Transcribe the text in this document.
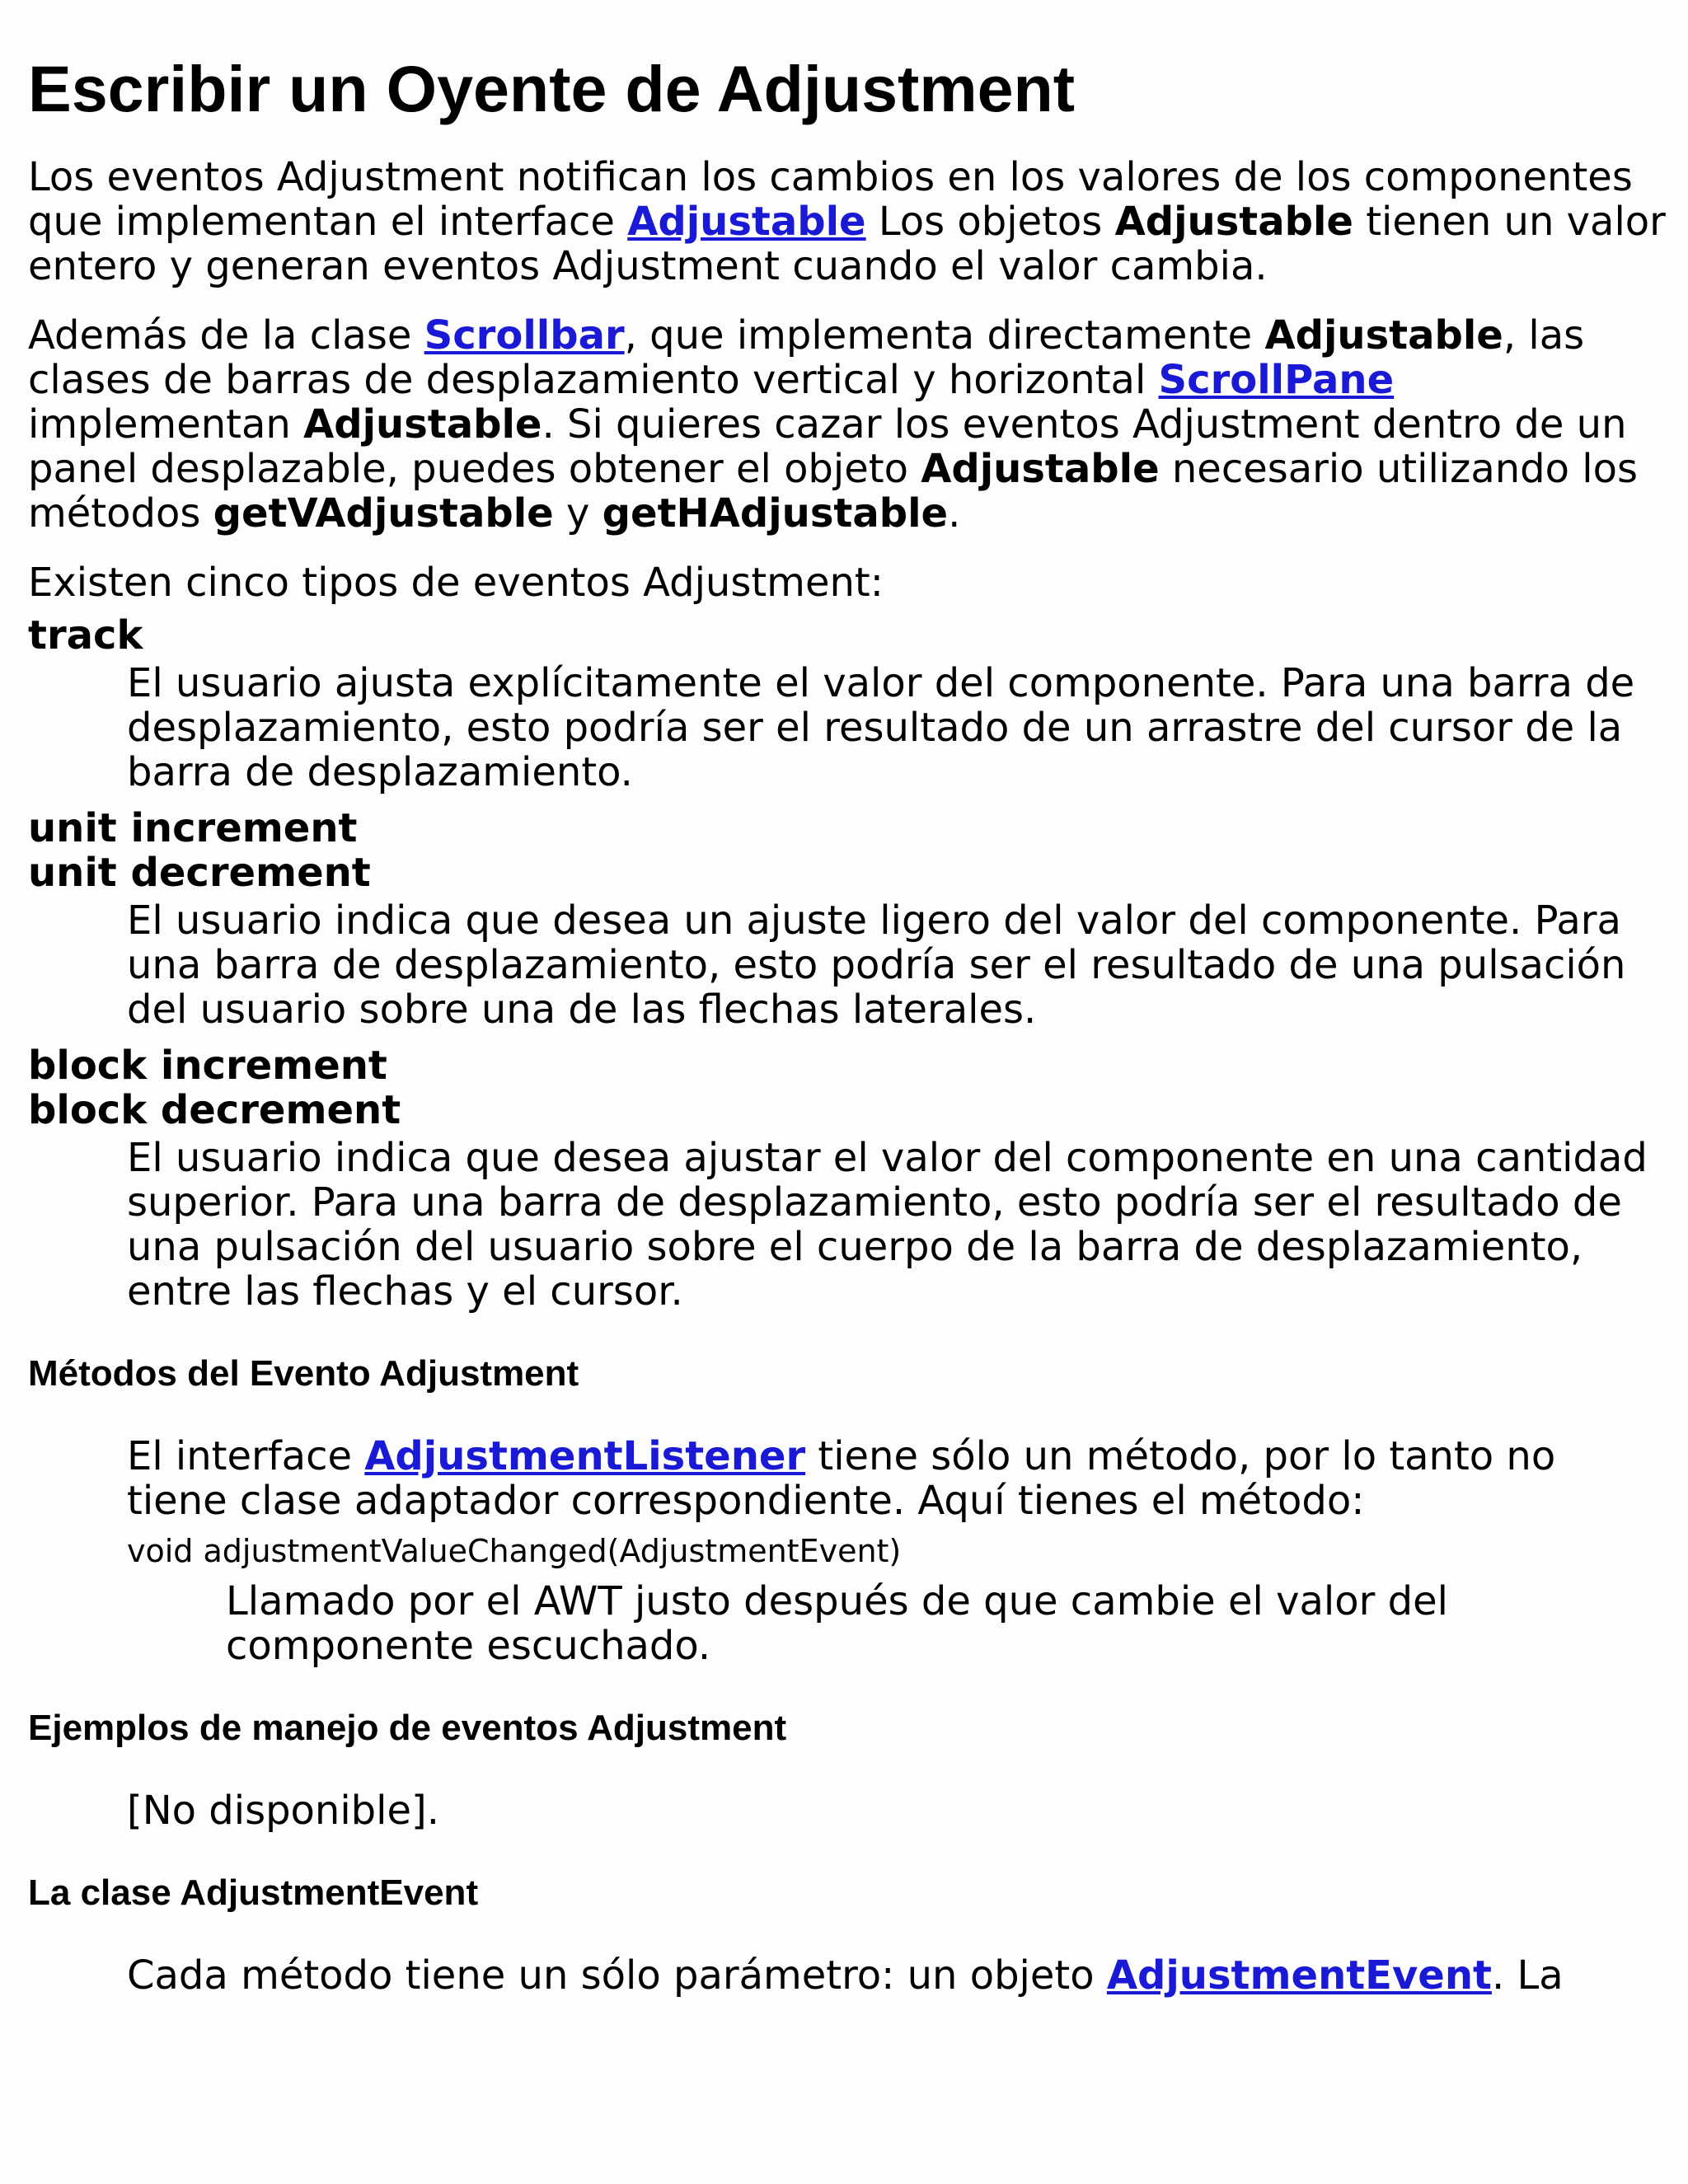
Escribir un Oyente de Adjustment

Los eventos Adjustment notifican los cambios en los valores de los componentes que implementan el interface Adjustable Los objetos Adjustable tienen un valor entero y generan eventos Adjustment cuando el valor cambia.

Además de la clase Scrollbar, que implementa directamente Adjustable, las clases de barras de desplazamiento vertical y horizontal ScrollPane implementan Adjustable. Si quieres cazar los eventos Adjustment dentro de un panel desplazable, puedes obtener el objeto Adjustable necesario utilizando los métodos getVAdjustable y getHAdjustable.

Existen cinco tipos de eventos Adjustment:

track
El usuario ajusta explícitamente el valor del componente. Para una barra de desplazamiento, esto podría ser el resultado de un arrastre del cursor de la barra de desplazamiento.
unit increment
unit decrement
El usuario indica que desea un ajuste ligero del valor del componente. Para una barra de desplazamiento, esto podría ser el resultado de una pulsación del usuario sobre una de las flechas laterales.
block increment
block decrement
El usuario indica que desea ajustar el valor del componente en una cantidad superior. Para una barra de desplazamiento, esto podría ser el resultado de una pulsación del usuario sobre el cuerpo de la barra de desplazamiento, entre las flechas y el cursor.
Métodos del Evento Adjustment

El interface AdjustmentListener tiene sólo un método, por lo tanto no tiene clase adaptador correspondiente. Aquí tienes el método:

void adjustmentValueChanged(AdjustmentEvent)

Llamado por el AWT justo después de que cambie el valor del componente escuchado.

Ejemplos de manejo de eventos Adjustment

[No disponible].

La clase AdjustmentEvent

Cada método tiene un sólo parámetro: un objeto AdjustmentEvent. La
